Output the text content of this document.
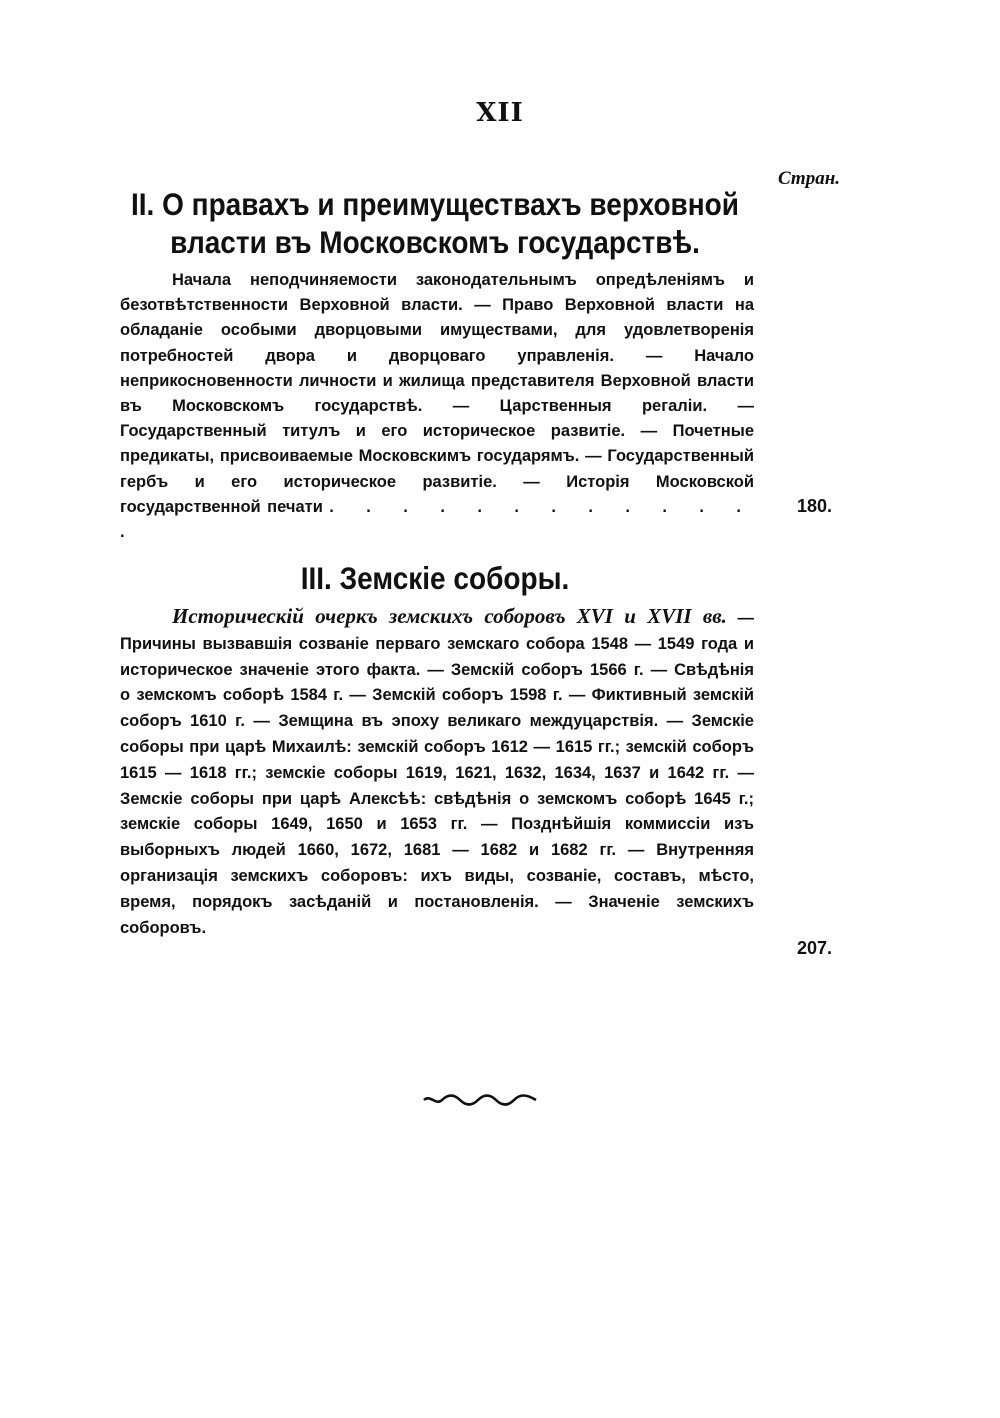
XII
Стран.
II. О правахъ и преимуществахъ верховной власти въ Московскомъ государствѣ.
Начала неподчиняемости законодательнымъ опредѣленіямъ и безотвѣтственности Верховной власти. — Право Верховной власти на обладаніе особыми дворцовыми имуществами, для удовлетворенія потребностей двора и дворцоваго управленія. — Начало неприкосновенности личности и жилища представителя Верховной власти въ Московскомъ государствѣ. — Царственныя регаліи. — Государственный титулъ и его историческое развитіе. — Почетные предикаты, присвоиваемые Московскимъ государямъ. — Государственный гербъ и его историческое развитіе. — Исторія Московской государственной печати . . . . . . . . . . . . .
180.
III. Земскіе соборы.
Историческій очеркъ земскихъ соборовъ XVI и XVII вв. — Причины вызвавшія созваніе перваго земскаго собора 1548 — 1549 года и историческое значеніе этого факта. — Земскій соборъ 1566 г. — Свѣдѣнія о земскомъ соборѣ 1584 г. — Земскій соборъ 1598 г. — Фиктивный земскій соборъ 1610 г. — Земщина въ эпоху великаго междуцарствія. — Земскіе соборы при царѣ Михаилѣ: земскій соборъ 1612 — 1615 гг.; земскій соборъ 1615 — 1618 гг.; земскіе соборы 1619, 1621, 1632, 1634, 1637 и 1642 гг. — Земскіе соборы при царѣ Алексѣѣ: свѣдѣнія о земскомъ соборѣ 1645 г.; земскіе соборы 1649, 1650 и 1653 гг. — Позднѣйшія коммиссіи изъ выборныхъ людей 1660, 1672, 1681 — 1682 и 1682 гг. — Внутренняя организація земскихъ соборовъ: ихъ виды, созваніе, составъ, мѣсто, время, порядокъ засѣданій и постановленія. — Значеніе земскихъ соборовъ.
207.
